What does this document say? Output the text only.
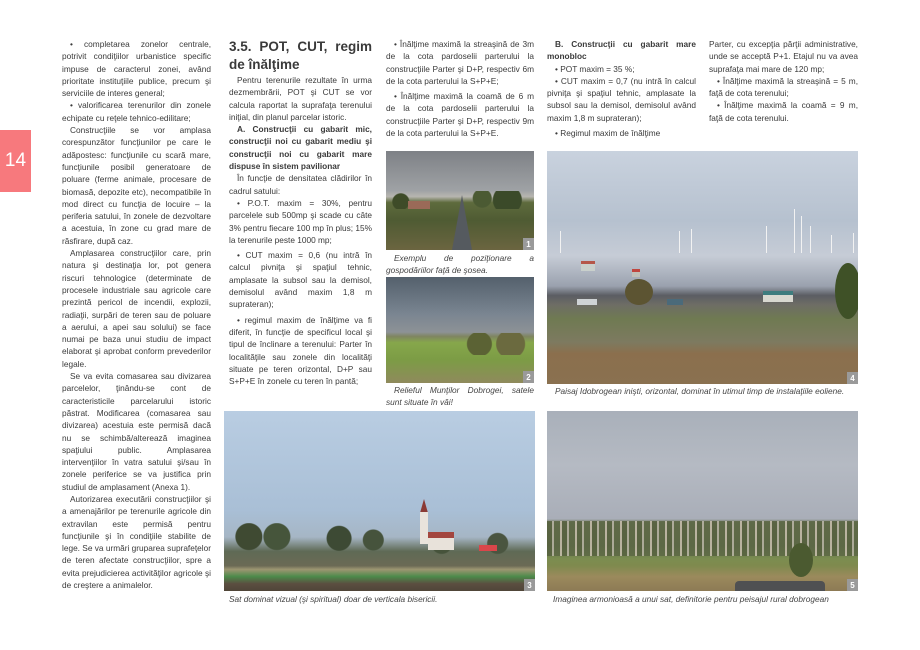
14

• completarea zonelor centrale, potrivit condiţiilor urbanistice specific impuse de caracterul zonei, având prioritate instituţiile publice, precum şi serviciile de interes general;

• valorificarea terenurilor din zonele echipate cu reţele tehnico-edilitare;

Construcţiile se vor amplasa corespunzător funcţiunilor pe care le adăpostesc: funcţiunile cu scară mare, funcţiunile posibil generatoare de poluare (ferme animale, procesare de biomasă, depozite etc), necompatibile în mod direct cu funcţia de locuire – la periferia satului, în zonele de dezvoltare a acestuia, în zone cu grad mare de răsfirare, după caz.

Amplasarea construcţiilor care, prin natura şi destinaţia lor, pot genera riscuri tehnologice (determinate de procesele industriale sau agricole care prezintă pericol de incendii, explozii, radiaţii, surpări de teren sau de poluare a aerului, a apei sau solului) se face numai pe baza unui studiu de impact elaborat şi aprobat conform prevederilor legale.

Se va evita comasarea sau divizarea parcelelor, ţinându-se cont de caracteristicile parcelarului istoric păstrat. Modificarea (comasarea sau divizarea) acestuia este permisă dacă nu se schimbă/alterează imaginea spaţiului public. Amplasarea intervenţiilor în vatra satului şi/sau în zonele periferice se va justifica prin studiul de amplasament (Anexa 1).

Autorizarea executării construcţiilor şi a amenajărilor pe terenurile agricole din extravilan este permisă pentru funcţiunile şi în condiţiile stabilite de lege. Se va urmări gruparea suprafeţelor de teren afectate construcţiilor, spre a evita prejudicierea activităţilor agricole şi de creştere a animalelor.

3.5. POT, CUT, regim de înălţime

Pentru terenurile rezultate în urma dezmembrării, POT şi CUT se vor calcula raportat la suprafaţa terenului iniţial, din planul parcelar istoric.

A. Construcţii cu gabarit mic, construcţii noi cu gabarit mediu şi construcţii noi cu gabarit mare dispuse în sistem pavilionar

În funcţie de densitatea clădirilor în cadrul satului:

• P.O.T. maxim = 30%, pentru parcelele sub 500mp şi scade cu câte 3% pentru fiecare 100 mp în plus; 15% la terenurile peste 1000 mp;

• CUT maxim = 0,6 (nu intră în calcul pivniţa şi spaţiul tehnic, amplasate la subsol sau la demisol, demisolul având maxim 1,8 m suprateran);

• regimul maxim de înălţime va fi diferit, în funcţie de specificul local şi tipul de înclinare a terenului: Parter în localităţile sau zonele din localităţi situate pe teren orizontal, D+P sau S+P+E în zonele cu teren în pantă;

• Înălţime maximă la streaşină de 3m de la cota pardoselii parterului la construcţiile Parter şi D+P, respectiv 6m de la cota parterului la S+P+E;

• Înălţime maximă la coamă de 6 m de la cota pardoselii parterului la construcţiile Parter şi D+P, respectiv 9m de la cota parterului la S+P+E.

B. Construcţii cu gabarit mare monobloc

• POT maxim = 35 %;

• CUT maxim = 0,7 (nu intră în calcul pivniţa şi spaţiul tehnic, amplasate la subsol sau la demisol, demisolul având maxim 1,8 m suprateran);

• Regimul maxim de înălţime

Parter, cu excepţia părţii administrative, unde se acceptă P+1. Etajul nu va avea suprafaţa mai mare de 120 mp;

• Înălţime maximă la streaşină = 5 m, faţă de cota terenului;

• Înălţime maximă la coamă = 9 m, faţă de cota terenului.

1
Exemplu de poziţionare a gospodăriilor faţă de şosea.
2
Relieful Munţilor Dobrogei, satele sunt situate în văi!
3
Sat dominat vizual (şi spiritual) doar de verticala bisericii.
4
Paisaj Idobrogean inişti, orizontal, dominat în utimul timp de instalaţiile eoliene.
5
Imaginea armonioasă a unui sat, definitorie pentru peisajul rural dobrogean
